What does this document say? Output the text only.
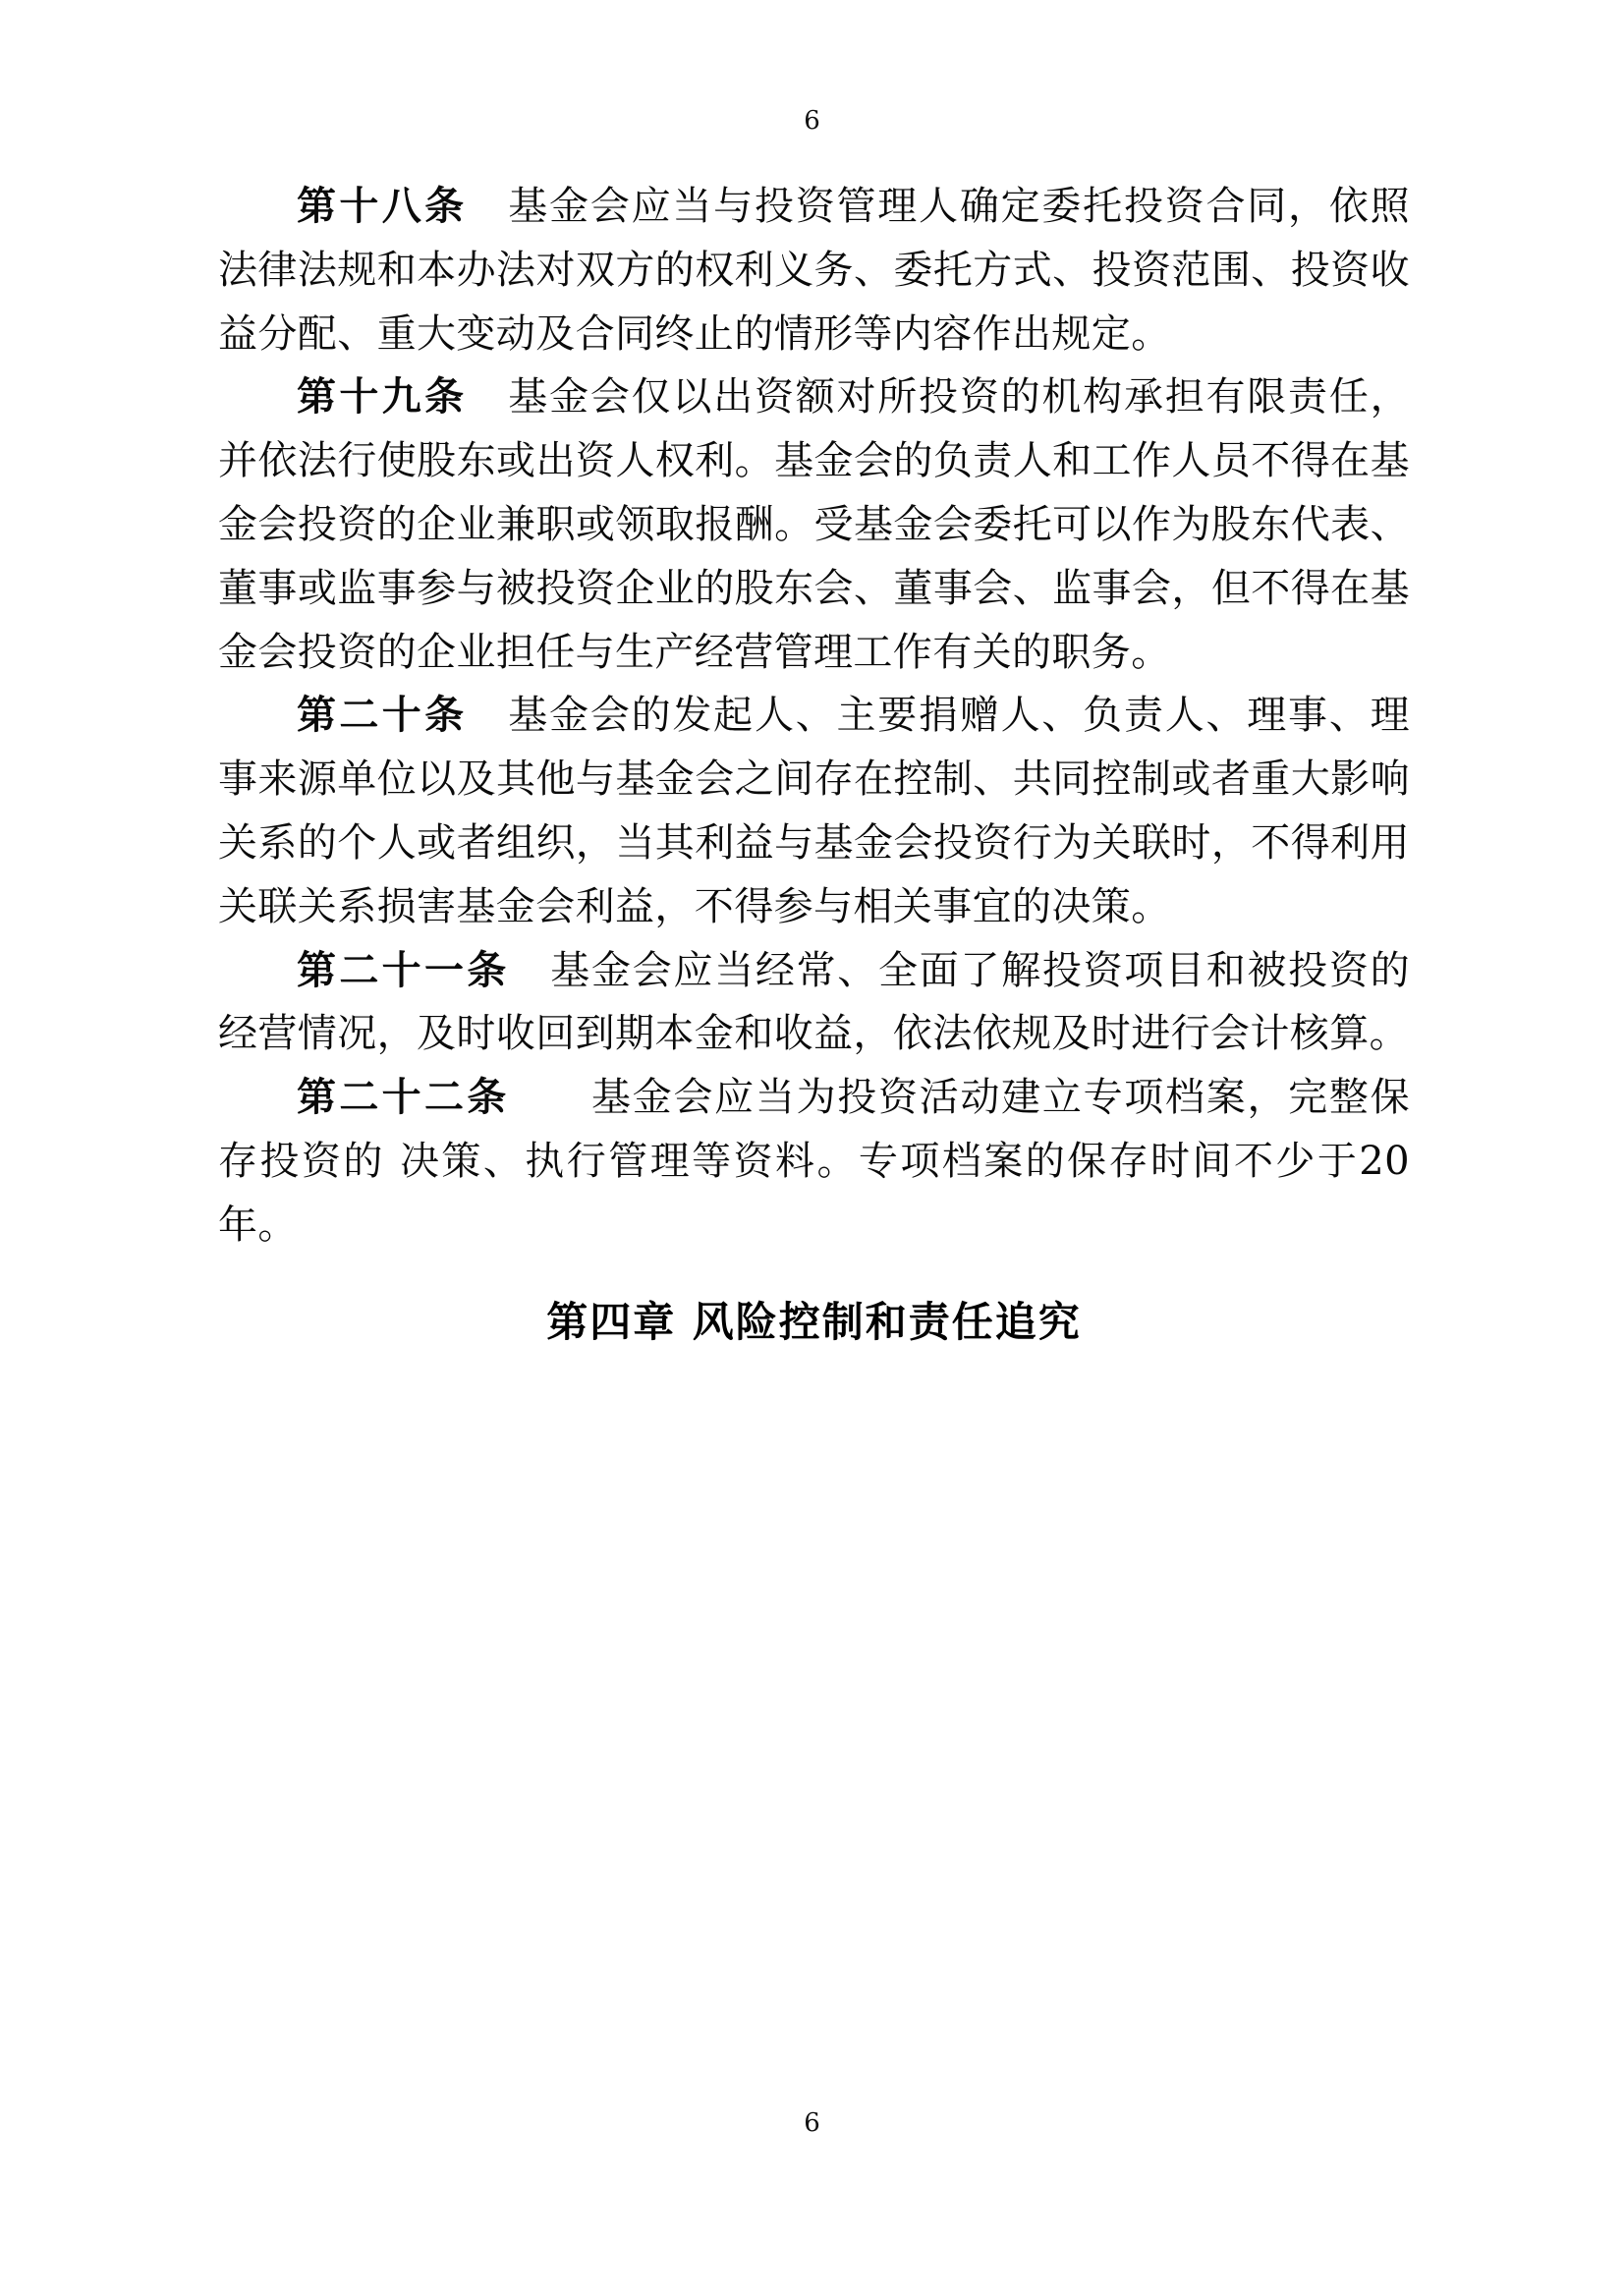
6

第十八条　基金会应当与投资管理人确定委托投资合同，依照法律法规和本办法对双方的权利义务、委托方式、投资范围、投资收益分配、重大变动及合同终止的情形等内容作出规定。

第十九条　基金会仅以出资额对所投资的机构承担有限责任，并依法行使股东或出资人权利。基金会的负责人和工作人员不得在基金会投资的企业兼职或领取报酬。受基金会委托可以作为股东代表、董事或监事参与被投资企业的股东会、董事会、监事会，但不得在基金会投资的企业担任与生产经营管理工作有关的职务。

第二十条　基金会的发起人、主要捐赠人、负责人、理事、理事来源单位以及其他与基金会之间存在控制、共同控制或者重大影响关系的个人或者组织，当其利益与基金会投资行为关联时，不得利用关联关系损害基金会利益，不得参与相关事宜的决策。

第二十一条　基金会应当经常、全面了解投资项目和被投资的经营情况，及时收回到期本金和收益，依法依规及时进行会计核算。

第二十二条　　基金会应当为投资活动建立专项档案，完整保存投资的 决策、执行管理等资料。专项档案的保存时间不少于20年。

第四章 风险控制和责任追究
6
